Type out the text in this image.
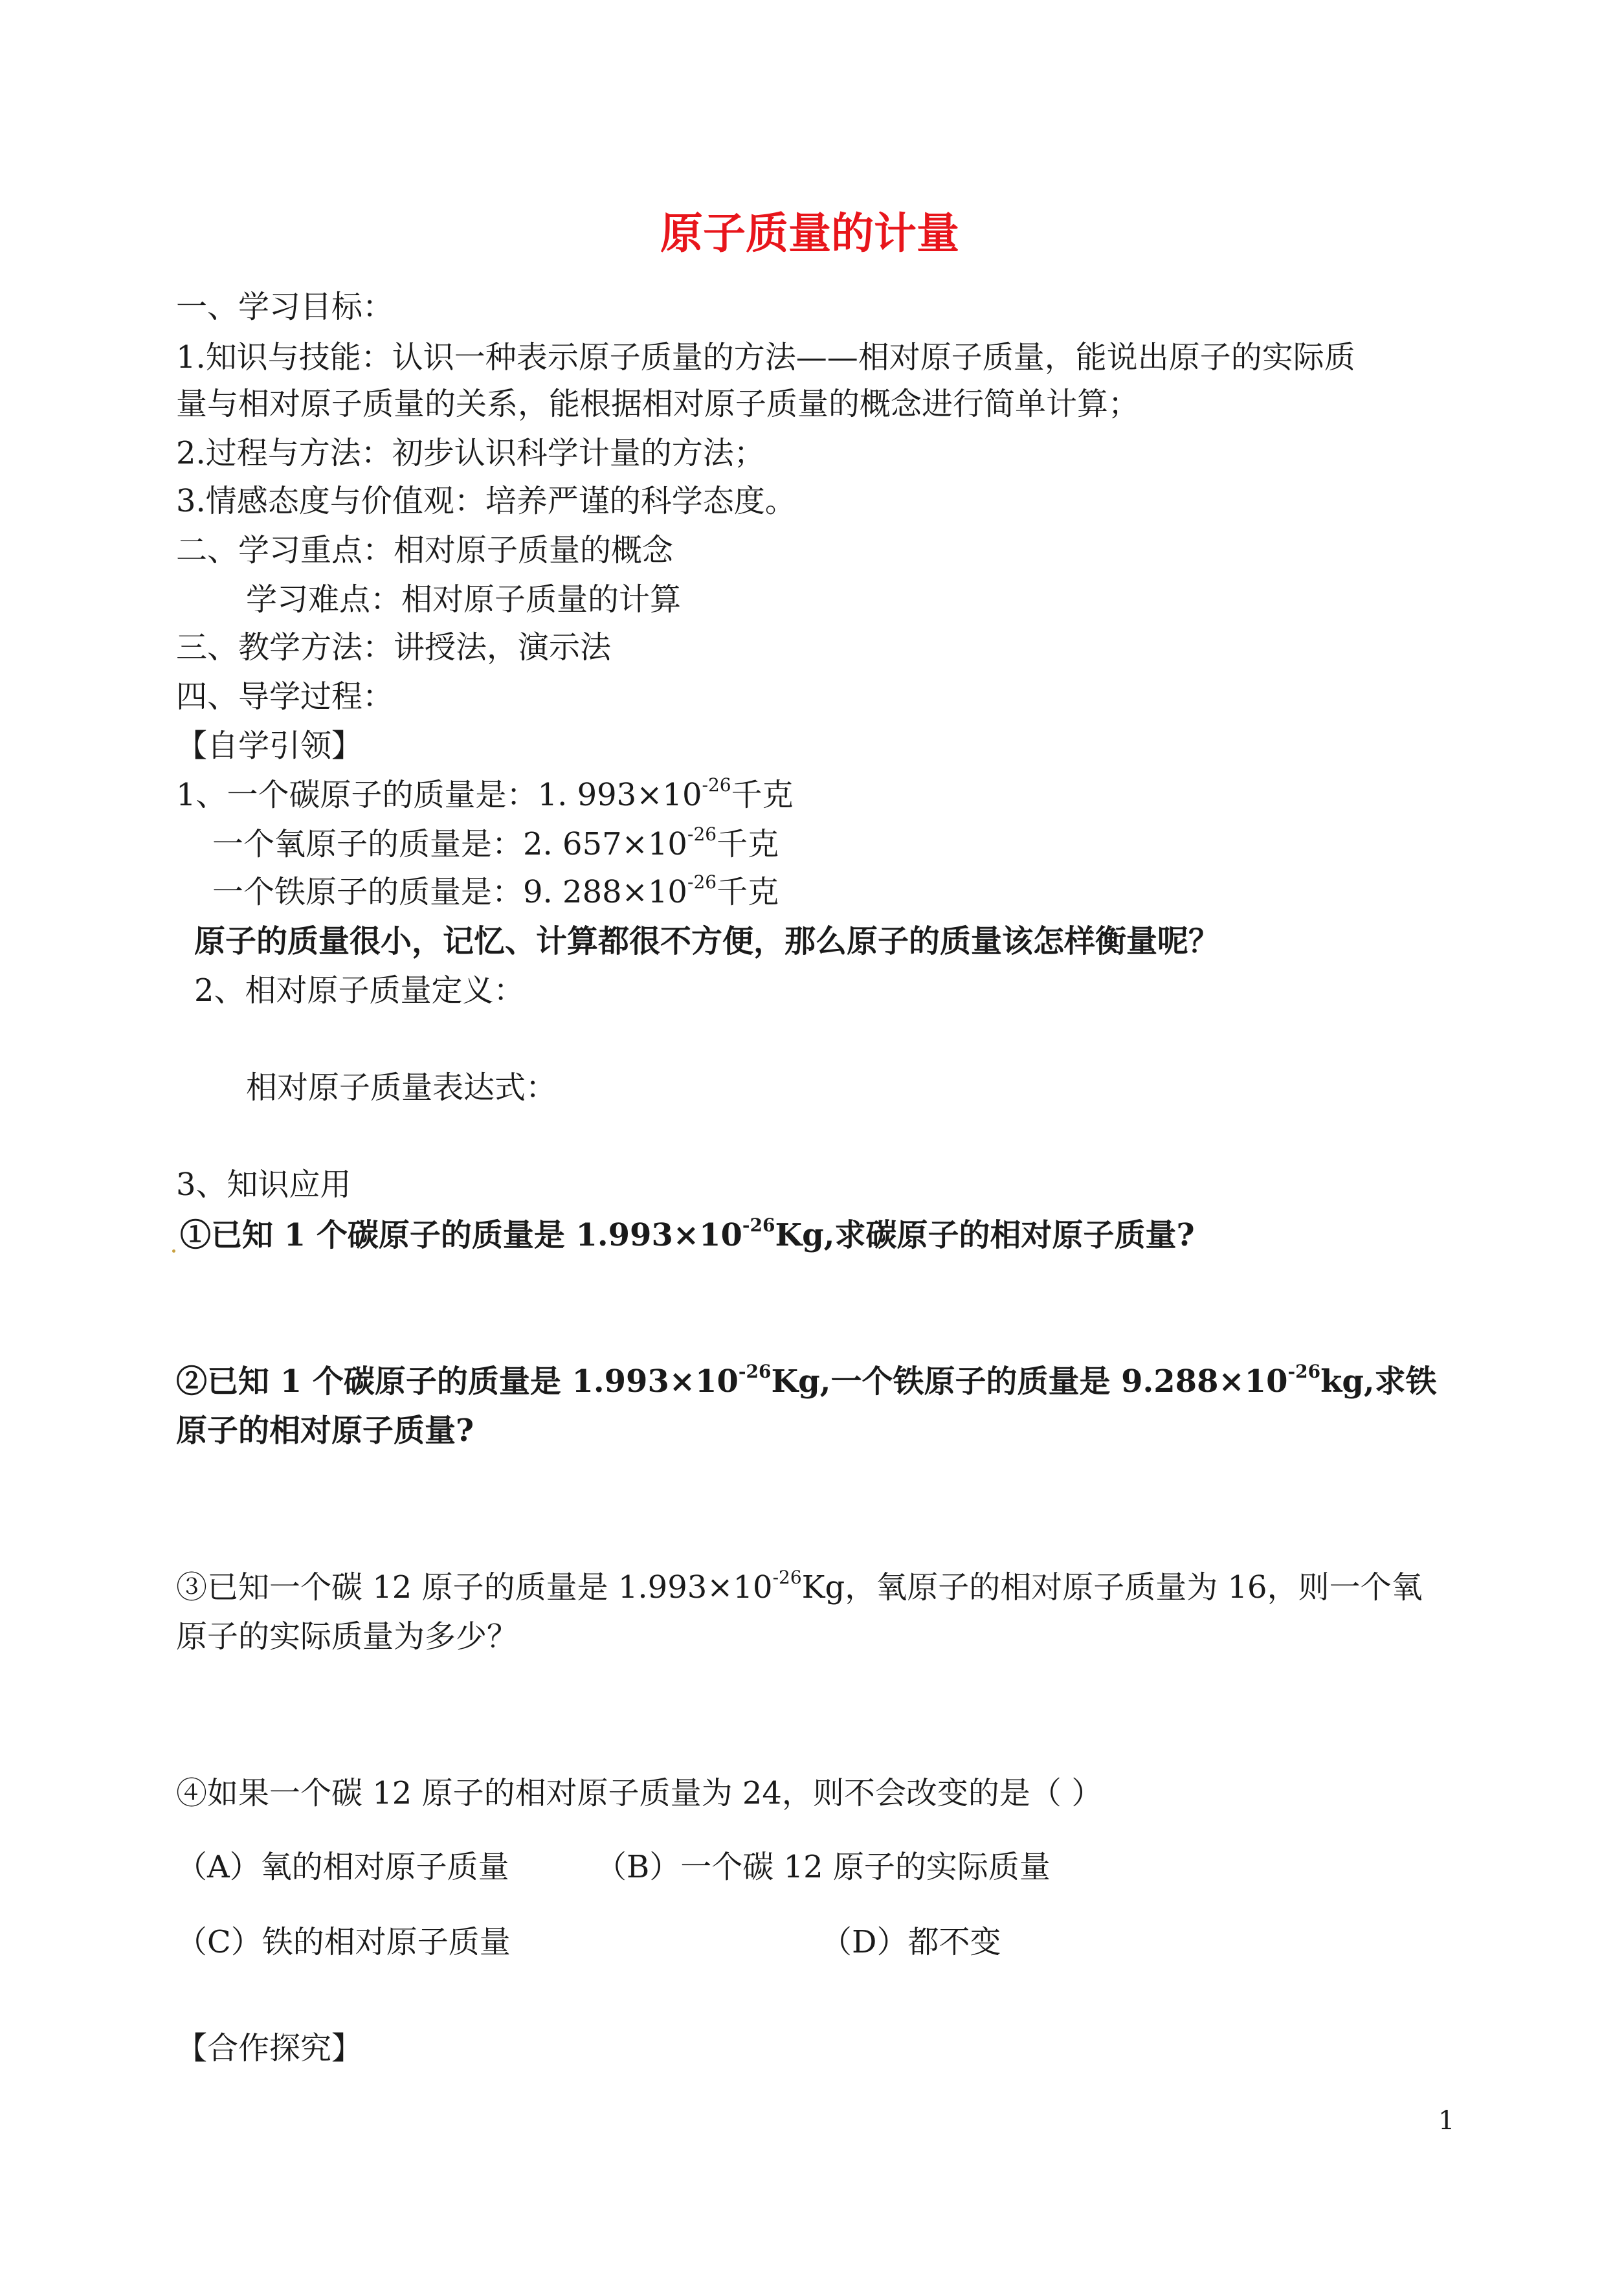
原子质量的计量
一、学习目标：
1.知识与技能：认识一种表示原子质量的方法——相对原子质量，能说出原子的实际质
量与相对原子质量的关系，能根据相对原子质量的概念进行简单计算；
2.过程与方法：初步认识科学计量的方法；
3.情感态度与价值观：培养严谨的科学态度。
二、学习重点：相对原子质量的概念
学习难点：相对原子质量的计算
三、教学方法：讲授法，演示法
四、导学过程：
【自学引领】
1、一个碳原子的质量是：1. $993\times 10^{-26}$千克
一个氧原子的质量是：2. $657\times 10^{-26}$千克
一个铁原子的质量是：9. $288\times 10^{-26}$千克
原子的质量很小，记忆、计算都很不方便，那么原子的质量该怎样衡量呢？
2、相对原子质量定义：
相对原子质量表达式：
3、知识应用
①已知 1 个碳原子的质量是 $1.993\times 10^{-26}Kg$,求碳原子的相对原子质量?
②已知 1 个碳原子的质量是 $1.993\times 10^{-26}Kg$,一个铁原子的质量是 $9.288\times 10^{-26}kg$,求铁
原子的相对原子质量?
③已知一个碳 12 原子的质量是 $1.993\times 10^{-26}Kg$，氧原子的相对原子质量为 16，则一个氧
原子的实际质量为多少？
④如果一个碳 12 原子的相对原子质量为 24，则不会改变的是（ ）
（A）氧的相对原子质量	（B）一个碳 12 原子的实际质量
（C）铁的相对原子质量	（D）都不变
【合作探究】
1
